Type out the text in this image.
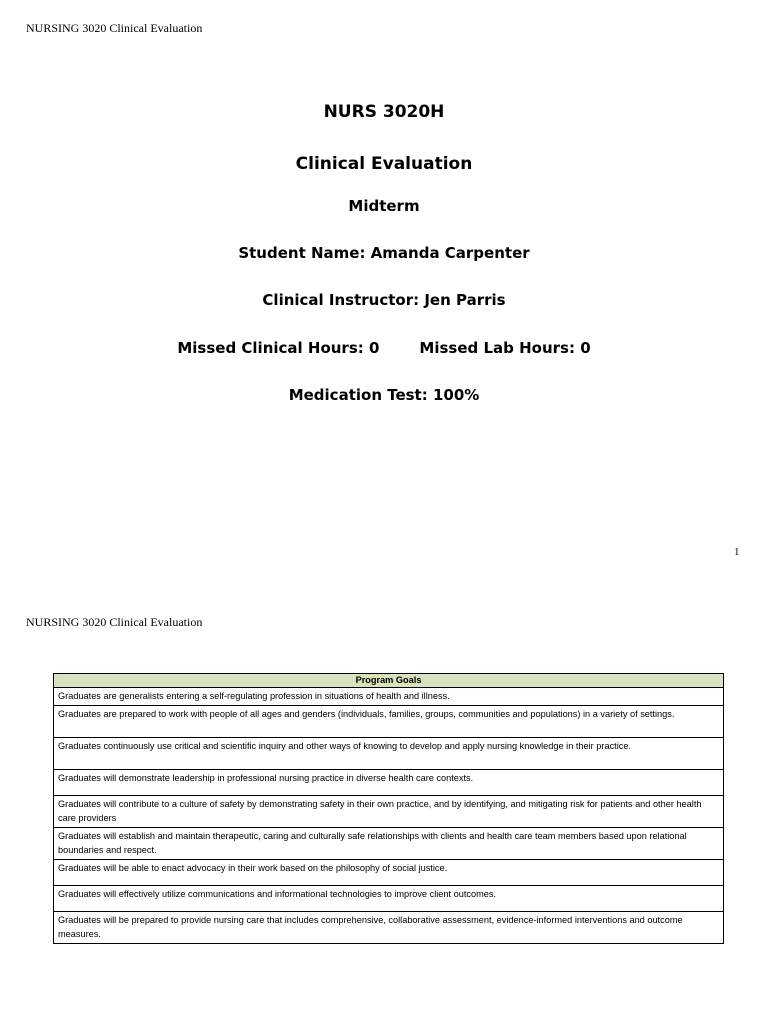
NURSING 3020 Clinical Evaluation
NURS 3020H
Clinical Evaluation
Midterm
Student Name: Amanda Carpenter
Clinical Instructor: Jen Parris
Missed Clinical Hours: 0	Missed Lab Hours: 0
Medication Test: 100%
1
NURSING 3020 Clinical Evaluation
Program Goals
Graduates are generalists entering a self-regulating profession in situations of health and illness.
Graduates are prepared to work with people of all ages and genders (individuals, families, groups, communities and populations) in a variety of settings.
Graduates continuously use critical and scientific inquiry and other ways of knowing to develop and apply nursing knowledge in their practice.
Graduates will demonstrate leadership in professional nursing practice in diverse health care contexts.
Graduates will contribute to a culture of safety by demonstrating safety in their own practice, and by identifying, and mitigating risk for patients and other health care providers
Graduates will establish and maintain therapeutic, caring and culturally safe relationships with clients and health care team members based upon relational boundaries and respect.
Graduates will be able to enact advocacy in their work based on the philosophy of social justice.
Graduates will effectively utilize communications and informational technologies to improve client outcomes.
Graduates will be prepared to provide nursing care that includes comprehensive, collaborative assessment, evidence-informed interventions and outcome measures.
